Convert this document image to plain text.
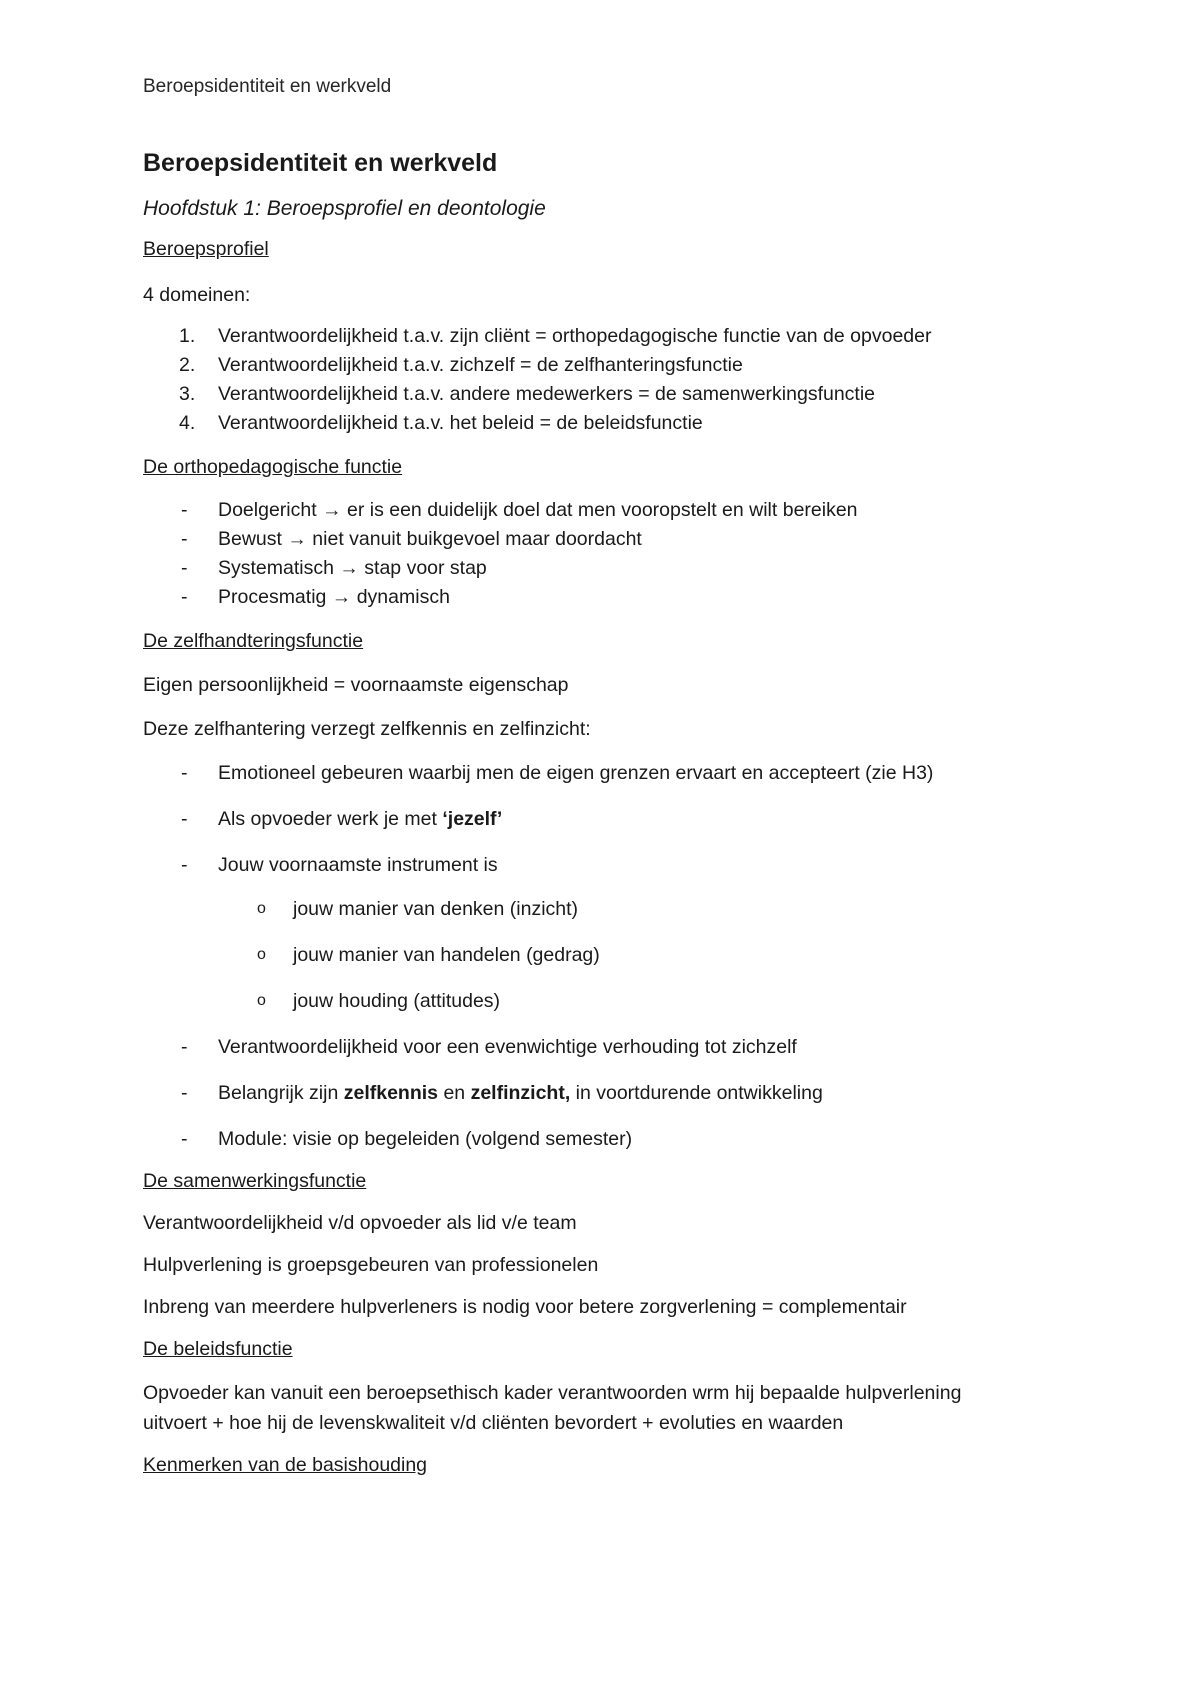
Beroepsidentiteit en werkveld
Beroepsidentiteit en werkveld
Hoofdstuk 1: Beroepsprofiel en deontologie

Beroepsprofiel

4 domeinen:

1. Verantwoordelijkheid t.a.v. zijn cliënt = orthopedagogische functie van de opvoeder
2. Verantwoordelijkheid t.a.v. zichzelf = de zelfhanteringsfunctie
3. Verantwoordelijkheid t.a.v. andere medewerkers = de samenwerkingsfunctie
4. Verantwoordelijkheid t.a.v. het beleid = de beleidsfunctie

De orthopedagogische functie

- Doelgericht → er is een duidelijk doel dat men vooropstelt en wilt bereiken
- Bewust → niet vanuit buikgevoel maar doordacht
- Systematisch → stap voor stap
- Procesmatig → dynamisch

De zelfhandteringsfunctie

Eigen persoonlijkheid = voornaamste eigenschap

Deze zelfhantering verzegt zelfkennis en zelfinzicht:

- Emotioneel gebeuren waarbij men de eigen grenzen ervaart en accepteert (zie H3)
- Als opvoeder werk je met ‘jezelf’
- Jouw voornaamste instrument is
o jouw manier van denken (inzicht)
o jouw manier van handelen (gedrag)
o jouw houding (attitudes)
- Verantwoordelijkheid voor een evenwichtige verhouding tot zichzelf
- Belangrijk zijn zelfkennis en zelfinzicht, in voortdurende ontwikkeling
- Module: visie op begeleiden (volgend semester)

De samenwerkingsfunctie

Verantwoordelijkheid v/d opvoeder als lid v/e team

Hulpverlening is groepsgebeuren van professionelen

Inbreng van meerdere hulpverleners is nodig voor betere zorgverlening = complementair

De beleidsfunctie

Opvoeder kan vanuit een beroepsethisch kader verantwoorden wrm hij bepaalde hulpverlening
uitvoert + hoe hij de levenskwaliteit v/d cliënten bevordert + evoluties en waarden

Kenmerken van de basishouding
